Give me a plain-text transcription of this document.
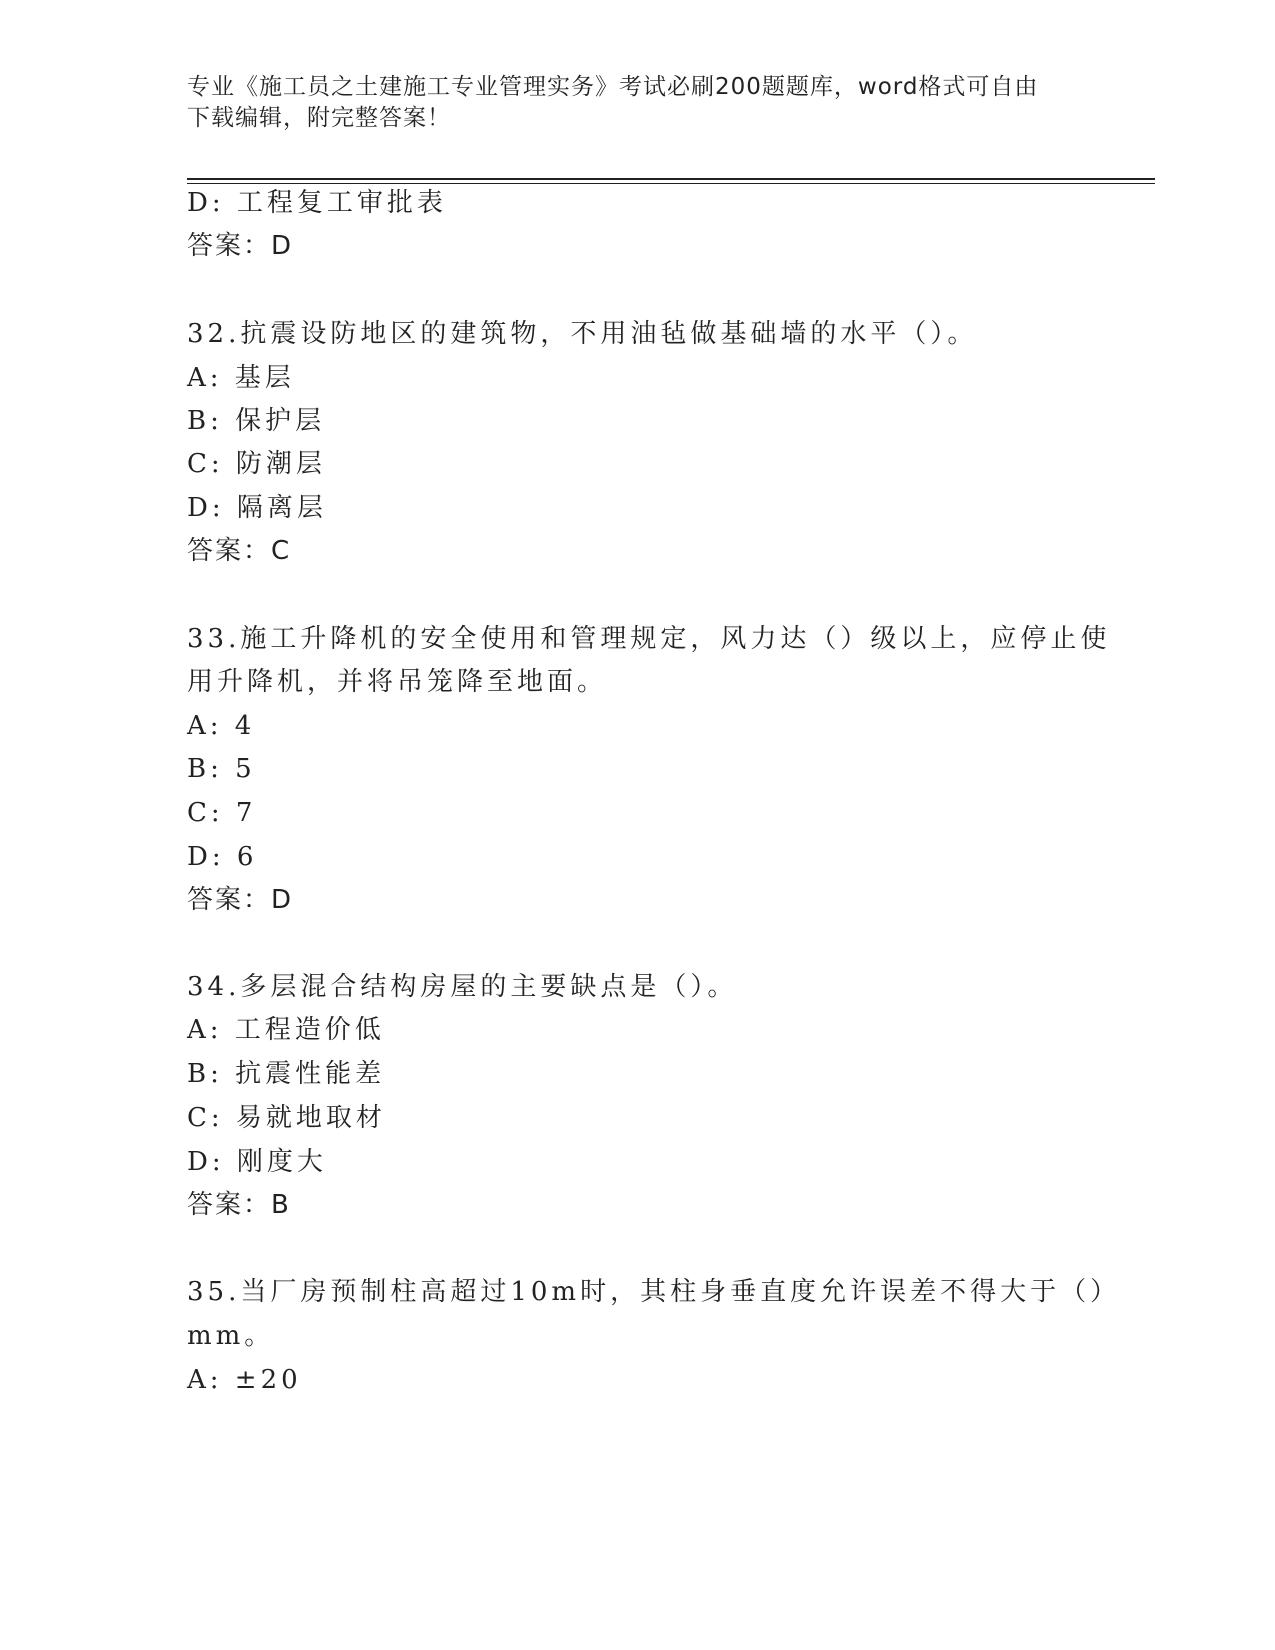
专业《施工员之土建施工专业管理实务》考试必刷200题题库，word格式可自由
下载编辑，附完整答案！
D: 工程复工审批表
答案：D
32.抗震设防地区的建筑物，不用油毡做基础墙的水平（）。
A: 基层
B: 保护层
C: 防潮层
D: 隔离层
答案：C
33.施工升降机的安全使用和管理规定，风力达（）级以上，应停止使
用升降机，并将吊笼降至地面。
A: 4
B: 5
C: 7
D: 6
答案：D
34.多层混合结构房屋的主要缺点是（）。
A: 工程造价低
B: 抗震性能差
C: 易就地取材
D: 刚度大
答案：B
35.当厂房预制柱高超过10m时，其柱身垂直度允许误差不得大于（）
mm。
A: ±20
